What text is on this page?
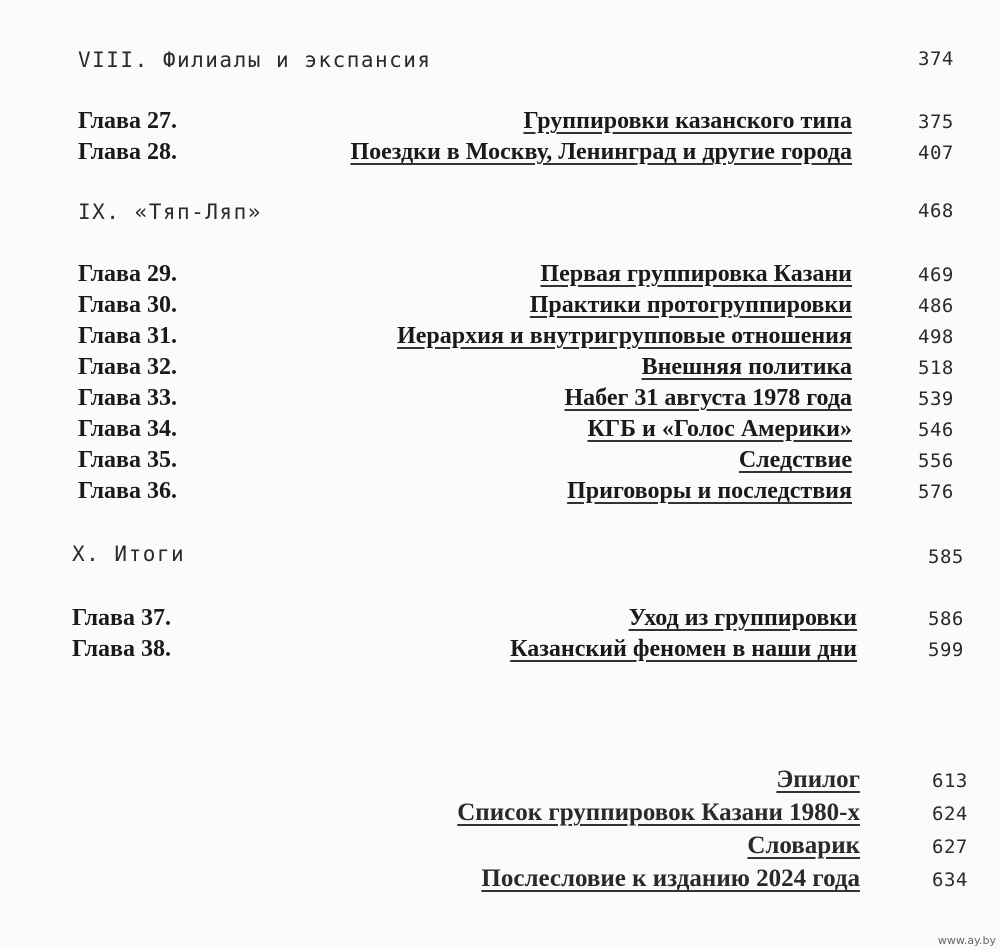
VIII. Филиалы и экспансия	374
Глава 27.	Группировки казанского типа	375
Глава 28.	Поездки в Москву, Ленинград и другие города	407
IX. «Тяп-Ляп»	468
Глава 29.	Первая группировка Казани	469
Глава 30.	Практики протогруппировки	486
Глава 31.	Иерархия и внутригрупповые отношения	498
Глава 32.	Внешняя политика	518
Глава 33.	Набег 31 августа 1978 года	539
Глава 34.	КГБ и «Голос Америки»	546
Глава 35.	Следствие	556
Глава 36.	Приговоры и последствия	576
X. Итоги	585
Глава 37.	Уход из группировки	586
Глава 38.	Казанский феномен в наши дни	599
Эпилог	613
Список группировок Казани 1980-х	624
Словарик	627
Послесловие к изданию 2024 года	634
www.ay.by
